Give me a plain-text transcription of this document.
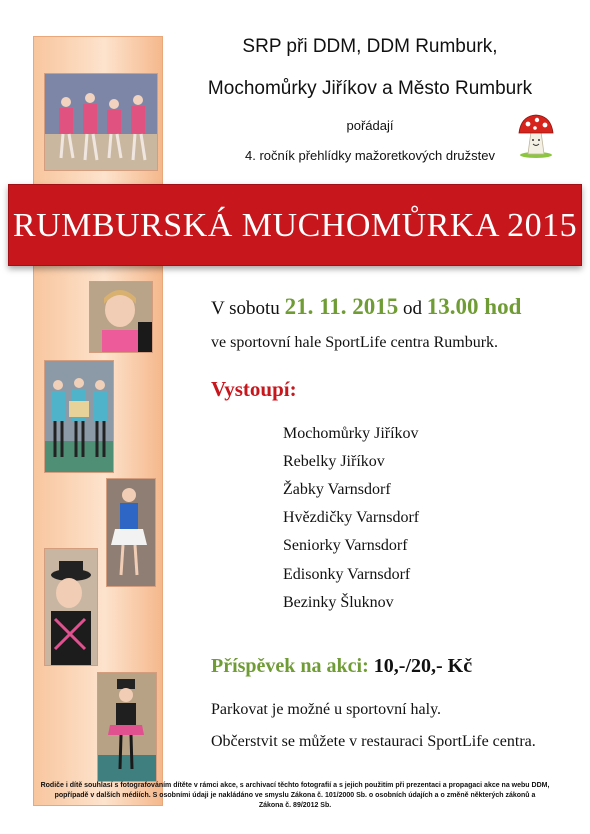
SRP při DDM, DDM Rumburk,
Mochomůrky Jiříkov a Město Rumburk
pořádají
4. ročník přehlídky mažoretkových družstev
RUMBURSKÁ MUCHOMŮRKA 2015
V sobotu 21. 11. 2015 od 13.00 hod
ve sportovní hale SportLife centra Rumburk.
Vystoupí:
Mochomůrky Jiříkov
Rebelky Jiříkov
Žabky Varnsdorf
Hvězdičky Varnsdorf
Seniorky Varnsdorf
Edisonky Varnsdorf
Bezinky Šluknov
Příspěvek na akci: 10,-/20,- Kč
Parkovat je možné u sportovní haly.
Občerstvit se můžete v restauraci SportLife centra.
Rodiče i dítě souhlasí s fotografováním dítěte v rámci akce, s archivací těchto fotografií a s jejich použitím při prezentaci a propagaci akce na webu DDM,
popřípadě v dalších médiích. S osobními údaji je nakládáno ve smyslu Zákona č. 101/2000 Sb. o osobních údajích a o změně některých zákonů a
Zákona č. 89/2012 Sb.
